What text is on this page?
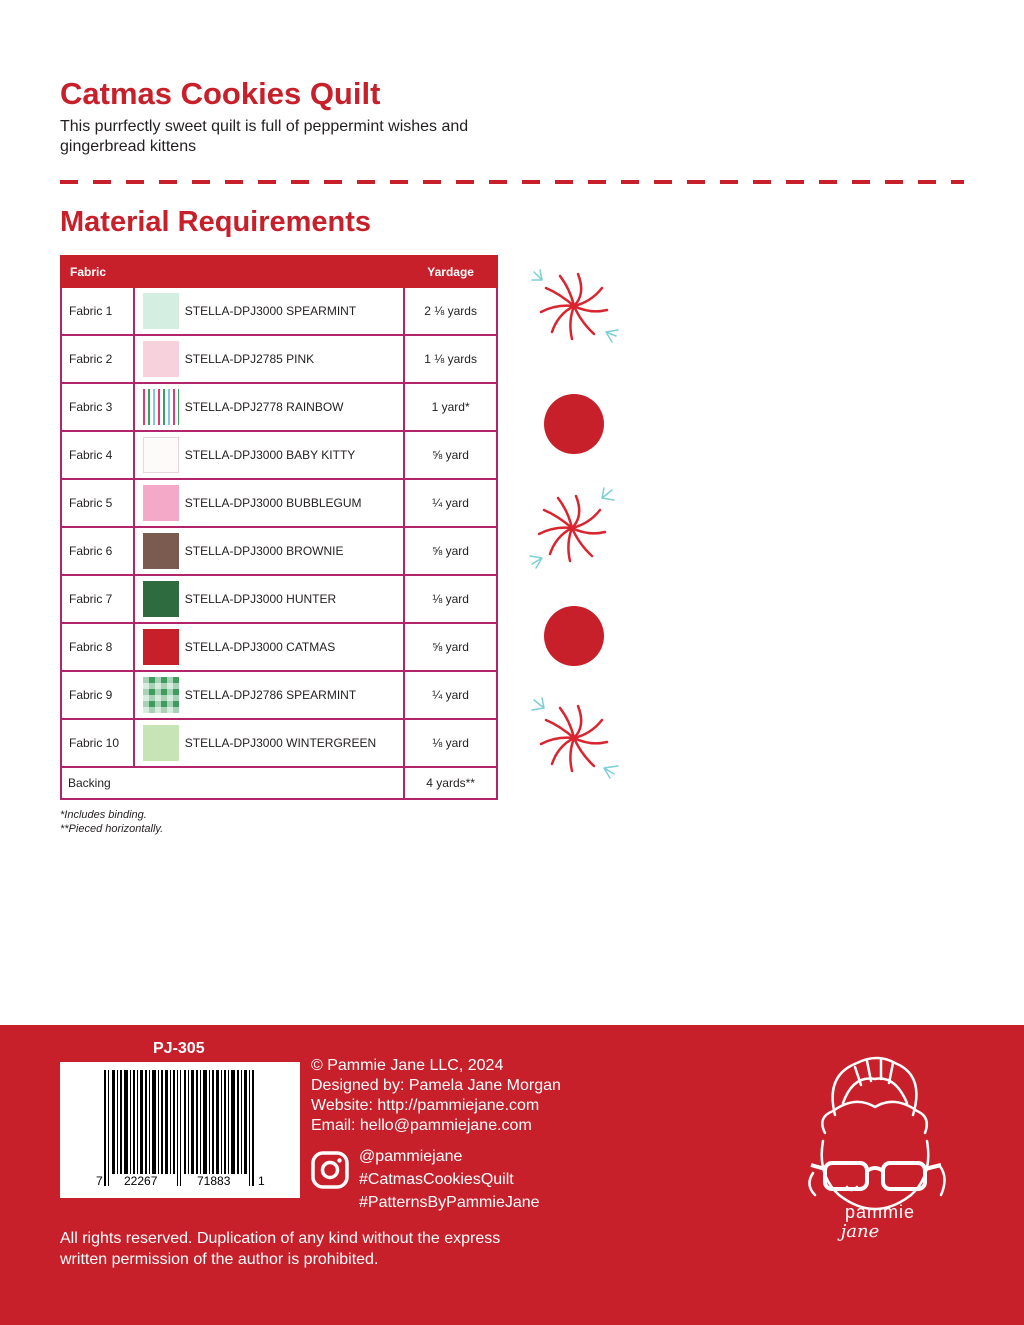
Catmas Cookies Quilt
This purrfectly sweet quilt is full of peppermint wishes and gingerbread kittens
Material Requirements
Fabric		Yardage
Fabric 1	STELLA-DPJ3000 SPEARMINT	2 ⅛ yards
Fabric 2	STELLA-DPJ2785 PINK	1 ⅛ yards
Fabric 3	STELLA-DPJ2778 RAINBOW	1 yard*
Fabric 4	STELLA-DPJ3000 BABY KITTY	⅝ yard
Fabric 5	STELLA-DPJ3000 BUBBLEGUM	¼ yard
Fabric 6	STELLA-DPJ3000 BROWNIE	⅝ yard
Fabric 7	STELLA-DPJ3000 HUNTER	⅛ yard
Fabric 8	STELLA-DPJ3000 CATMAS	⅝ yard
Fabric 9	STELLA-DPJ2786 SPEARMINT	¼ yard
Fabric 10	STELLA-DPJ3000 WINTERGREEN	⅛ yard
Backing		4 yards**
*Includes binding.
**Pieced horizontally.
PJ-305
7 22267	71883 1
© Pammie Jane LLC, 2024
Designed by: Pamela Jane Morgan
Website: http://pammiejane.com
Email: hello@pammiejane.com
@pammiejane
#CatmasCookiesQuilt
#PatternsByPammieJane
All rights reserved. Duplication of any kind without the express written permission of the author is prohibited.
pammie
jane
